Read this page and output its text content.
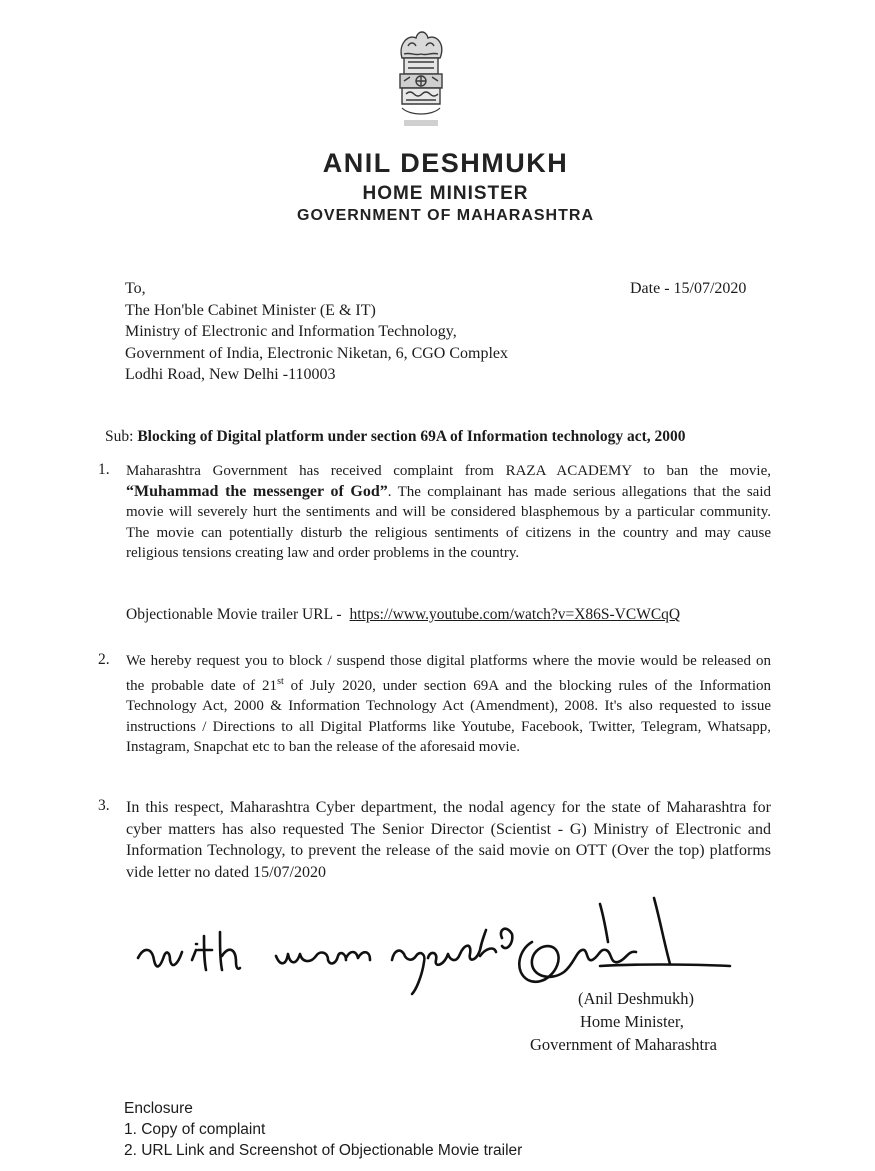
ANIL DESHMUKH
HOME MINISTER
GOVERNMENT OF MAHARASHTRA
Date - 15/07/2020
To,
The Hon'ble Cabinet Minister (E & IT)
Ministry of Electronic and Information Technology,
Government of India, Electronic Niketan, 6, CGO Complex
Lodhi Road, New Delhi -110003
Sub: Blocking of Digital platform under section 69A of Information technology act, 2000
1. Maharashtra Government has received complaint from RAZA ACADEMY to ban the movie, “Muhammad the messenger of God”. The complainant has made serious allegations that the said movie will severely hurt the sentiments and will be considered blasphemous by a particular community. The movie can potentially disturb the religious sentiments of citizens in the country and may cause religious tensions creating law and order problems in the country.
Objectionable Movie trailer URL - https://www.youtube.com/watch?v=X86S-VCWCqQ
2. We hereby request you to block / suspend those digital platforms where the movie would be released on the probable date of 21st of July 2020, under section 69A and the blocking rules of the Information Technology Act, 2000 & Information Technology Act (Amendment), 2008. It's also requested to issue instructions / Directions to all Digital Platforms like Youtube, Facebook, Twitter, Telegram, Whatsapp, Instagram, Snapchat etc to ban the release of the aforesaid movie.
3. In this respect, Maharashtra Cyber department, the nodal agency for the state of Maharashtra for cyber matters has also requested The Senior Director (Scientist - G) Ministry of Electronic and Information Technology, to prevent the release of the said movie on OTT (Over the top) platforms vide letter no dated 15/07/2020
(Anil Deshmukh)
Home Minister,
Government of Maharashtra
Enclosure
1. Copy of complaint
2. URL Link and Screenshot of Objectionable Movie trailer
